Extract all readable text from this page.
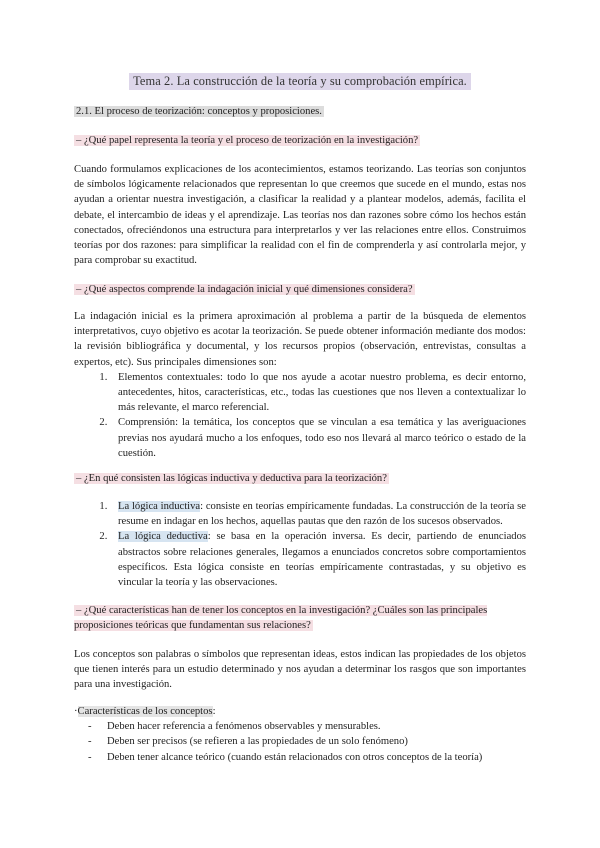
Tema 2. La construcción de la teoría y su comprobación empírica.
2.1. El proceso de teorización: conceptos y proposiciones.
– ¿Qué papel representa la teoría y el proceso de teorización en la investigación?
Cuando formulamos explicaciones de los acontecimientos, estamos teorizando. Las teorías son conjuntos de símbolos lógicamente relacionados que representan lo que creemos que sucede en el mundo, estas nos ayudan a orientar nuestra investigación, a clasificar la realidad y a plantear modelos, además, facilita el debate, el intercambio de ideas y el aprendizaje. Las teorías nos dan razones sobre cómo los hechos están conectados, ofreciéndonos una estructura para interpretarlos y ver las relaciones entre ellos. Construimos teorías por dos razones: para simplificar la realidad con el fin de comprenderla y así controlarla mejor, y para comprobar su exactitud.
– ¿Qué aspectos comprende la indagación inicial y qué dimensiones considera?
La indagación inicial es la primera aproximación al problema a partir de la búsqueda de elementos interpretativos, cuyo objetivo es acotar la teorización. Se puede obtener información mediante dos modos: la revisión bibliográfica y documental, y los recursos propios (observación, entrevistas, consultas a expertos, etc). Sus principales dimensiones son:
1. Elementos contextuales: todo lo que nos ayude a acotar nuestro problema, es decir entorno, antecedentes, hitos, características, etc., todas las cuestiones que nos lleven a contextualizar lo más relevante, el marco referencial.
2. Comprensión: la temática, los conceptos que se vinculan a esa temática y las averiguaciones previas nos ayudará mucho a los enfoques, todo eso nos llevará al marco teórico o estado de la cuestión.
– ¿En qué consisten las lógicas inductiva y deductiva para la teorización?
1. La lógica inductiva: consiste en teorías empíricamente fundadas. La construcción de la teoría se resume en indagar en los hechos, aquellas pautas que den razón de los sucesos observados.
2. La lógica deductiva: se basa en la operación inversa. Es decir, partiendo de enunciados abstractos sobre relaciones generales, llegamos a enunciados concretos sobre comportamientos específicos. Esta lógica consiste en teorías empíricamente contrastadas, y su objetivo es vincular la teoría y las observaciones.
– ¿Qué características han de tener los conceptos en la investigación? ¿Cuáles son las principales proposiciones teóricas que fundamentan sus relaciones?
Los conceptos son palabras o símbolos que representan ideas, estos indican las propiedades de los objetos que tienen interés para un estudio determinado y nos ayudan a determinar los rasgos que son importantes para una investigación.
·Características de los conceptos:
- Deben hacer referencia a fenómenos observables y mensurables.
- Deben ser precisos (se refieren a las propiedades de un solo fenómeno)
- Deben tener alcance teórico (cuando están relacionados con otros conceptos de la teoría)
